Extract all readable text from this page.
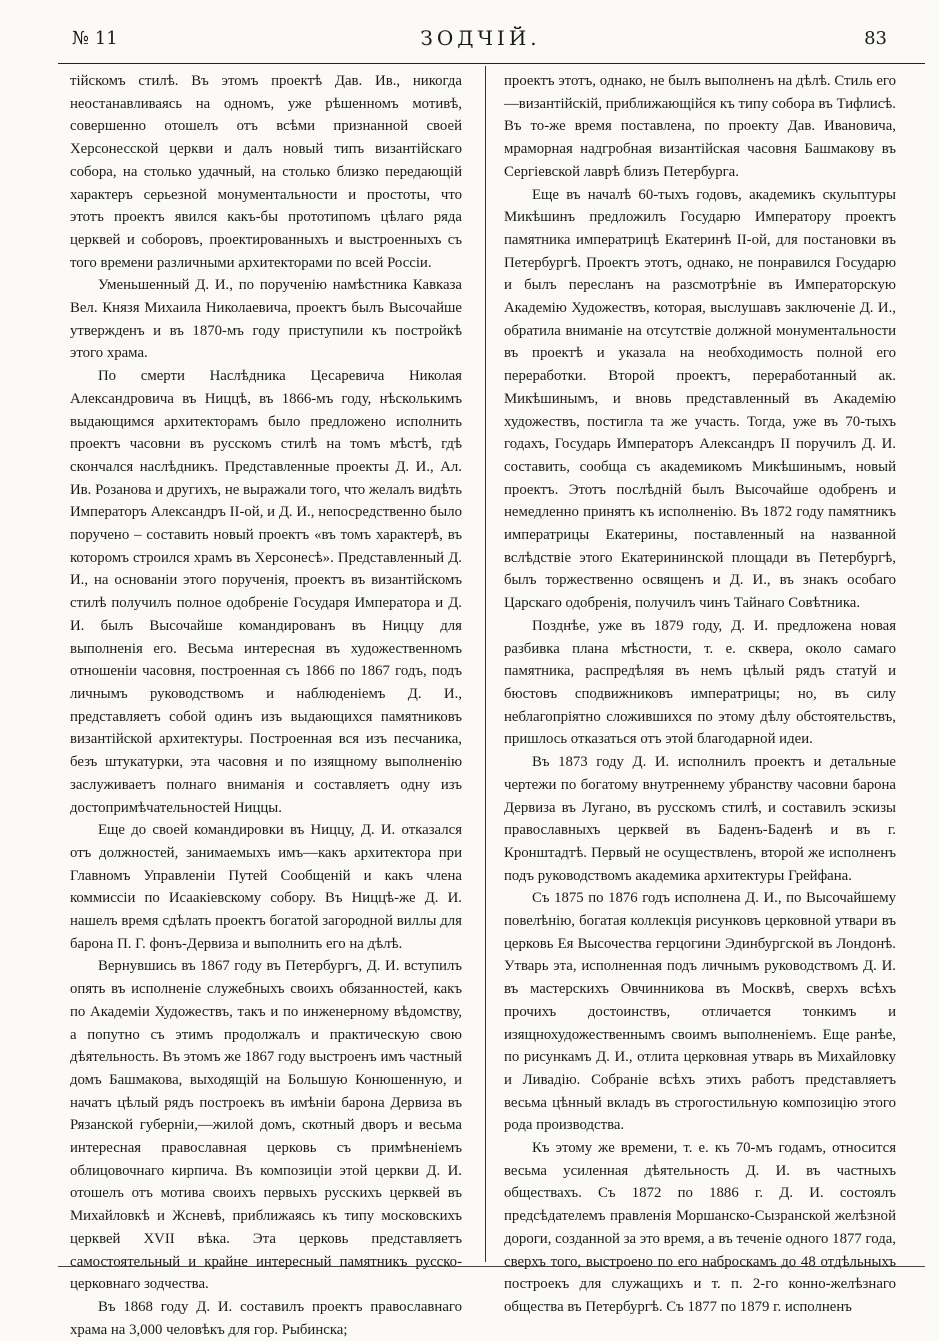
№ 11	ЗОДЧІЙ.	83

тійскомъ стилѣ. Въ этомъ проектѣ Дав. Ив., никогда неостанавливаясь на одномъ, уже рѣшенномъ мотивѣ, совершенно отошелъ отъ всѣми признанной своей Херсонесской церкви и далъ новый типъ византійскаго собора, на столько удачный, на столько близко передающій характеръ серьезной монументальности и простоты, что этотъ проектъ явился какъ-бы прототипомъ цѣлаго ряда церквей и соборовъ, проектированныхъ и выстроенныхъ съ того времени различными архитекторами по всей Россіи.

Уменьшенный Д. И., по порученію намѣстника Кавказа Вел. Князя Михаила Николаевича, проектъ былъ Высочайше утвержденъ и въ 1870-мъ году приступили къ постройкѣ этого храма.

По смерти Наслѣдника Цесаревича Николая Александровича въ Ниццѣ, въ 1866-мъ году, нѣсколькимъ выдающимся архитекторамъ было предложено исполнить проектъ часовни въ русскомъ стилѣ на томъ мѣстѣ, гдѣ скончался наслѣдникъ. Представленные проекты Д. И., Ал. Ив. Розанова и другихъ, не выражали того, что желалъ видѣть Императоръ Александръ II-ой, и Д. И., непосредственно было поручено – составить новый проектъ «въ томъ характерѣ, въ которомъ строился храмъ въ Херсонесѣ». Представленный Д. И., на основаніи этого порученія, проектъ въ византійскомъ стилѣ получилъ полное одобреніе Государя Императора и Д. И. былъ Высочайше командированъ въ Ниццу для выполненія его. Весьма интересная въ художественномъ отношеніи часовня, построенная съ 1866 по 1867 годъ, подъ личнымъ руководствомъ и наблюденіемъ Д. И., представляетъ собой одинъ изъ выдающихся памятниковъ византійской архитектуры. Построенная вся изъ песчаника, безъ штукатурки, эта часовня и по изящному выполненію заслуживаетъ полнаго вниманія и составляетъ одну изъ достопримѣчательностей Ниццы.

Еще до своей командировки въ Ниццу, Д. И. отказался отъ должностей, занимаемыхъ имъ—какъ архитектора при Главномъ Управленіи Путей Сообщеній и какъ члена коммиссіи по Исаакіевскому собору. Въ Ниццѣ-же Д. И. нашелъ время сдѣлать проектъ богатой загородной виллы для барона П. Г. фонъ-Дервиза и выполнить его на дѣлѣ.

Вернувшись въ 1867 году въ Петербургъ, Д. И. вступилъ опять въ исполненіе служебныхъ своихъ обязанностей, какъ по Академіи Художествъ, такъ и по инженерному вѣдомству, а попутно съ этимъ продолжалъ и практическую свою дѣятельность. Въ этомъ же 1867 году выстроенъ имъ частный домъ Башмакова, выходящій на Большую Конюшенную, и начатъ цѣлый рядъ построекъ въ имѣніи барона Дервиза въ Рязанской губерніи,—жилой домъ, скотный дворъ и весьма интересная православная церковь съ примѣненіемъ облицовочнаго кирпича. Въ композиціи этой церкви Д. И. отошелъ отъ мотива своихъ первыхъ русскихъ церквей въ Михайловкѣ и Жсневѣ, приближаясь къ типу московскихъ церквей XVII вѣка. Эта церковь представляетъ самостоятельный и крайне интересный памятникъ русско-церковнаго зодчества.

Въ 1868 году Д. И. составилъ проектъ православнаго храма на 3,000 человѣкъ для гор. Рыбинска;

проектъ этотъ, однако, не былъ выполненъ на дѣлѣ. Стиль его—византійскій, приближающійся къ типу собора въ Тифлисѣ. Въ то-же время поставлена, по проекту Дав. Ивановича, мраморная надгробная византійская часовня Башмакову въ Сергіевской лаврѣ близъ Петербурга.

Еще въ началѣ 60-тыхъ годовъ, академикъ скульптуры Микѣшинъ предложилъ Государю Императору проектъ памятника императрицѣ Екатеринѣ II-ой, для постановки въ Петербургѣ. Проектъ этотъ, однако, не понравился Государю и былъ пересланъ на разсмотрѣніе въ Императорскую Академію Художествъ, которая, выслушавъ заключеніе Д. И., обратила вниманіе на отсутствіе должной монументальности въ проектѣ и указала на необходимость полной его переработки. Второй проектъ, переработанный ак. Микѣшинымъ, и вновь представленный въ Академію художествъ, постигла та же участь. Тогда, уже въ 70-тыхъ годахъ, Государь Императоръ Александръ II поручилъ Д. И. составить, сообща съ академикомъ Микѣшинымъ, новый проектъ. Этотъ послѣдній былъ Высочайше одобренъ и немедленно принятъ къ исполненію. Въ 1872 году памятникъ императрицы Екатерины, поставленный на названной вслѣдствіе этого Екатерининской площади въ Петербургѣ, былъ торжественно освященъ и Д. И., въ знакъ особаго Царскаго одобренія, получилъ чинъ Тайнаго Совѣтника.

Позднѣе, уже въ 1879 году, Д. И. предложена новая разбивка плана мѣстности, т. е. сквера, около самаго памятника, распредѣляя въ немъ цѣлый рядъ статуй и бюстовъ сподвижниковъ императрицы; но, въ силу неблагопріятно сложившихся по этому дѣлу обстоятельствъ, пришлось отказаться отъ этой благодарной идеи.

Въ 1873 году Д. И. исполнилъ проектъ и детальные чертежи по богатому внутреннему убранству часовни барона Дервиза въ Лугано, въ русскомъ стилѣ, и составилъ эскизы православныхъ церквей въ Баденъ-Баденѣ и въ г. Кронштадтѣ. Первый не осуществленъ, второй же исполненъ подъ руководствомъ академика архитектуры Грейфана.

Съ 1875 по 1876 годъ исполнена Д. И., по Высочайшему повелѣнію, богатая коллекція рисунковъ церковной утвари въ церковь Ея Высочества герцогини Эдинбургской въ Лондонѣ. Утварь эта, исполненная подъ личнымъ руководствомъ Д. И. въ мастерскихъ Овчинникова въ Москвѣ, сверхъ всѣхъ прочихъ достоинствъ, отличается тонкимъ и изящнохудожественнымъ своимъ выполненіемъ. Еще ранѣе, по рисункамъ Д. И., отлита церковная утварь въ Михайловку и Ливадію. Собраніе всѣхъ этихъ работъ представляетъ весьма цѣнный вкладъ въ строгостильную композицію этого рода производства.

Къ этому же времени, т. е. къ 70-мъ годамъ, относится весьма усиленная дѣятельность Д. И. въ частныхъ обществахъ. Съ 1872 по 1886 г. Д. И. состоялъ предсѣдателемъ правленія Моршанско-Сызранской желѣзной дороги, созданной за это время, а въ теченіе одного 1877 года, сверхъ того, выстроено по его наброскамъ до 48 отдѣльныхъ построекъ для служащихъ и т. п. 2-го конно-желѣзнаго общества въ Петербургѣ. Съ 1877 по 1879 г. исполненъ
